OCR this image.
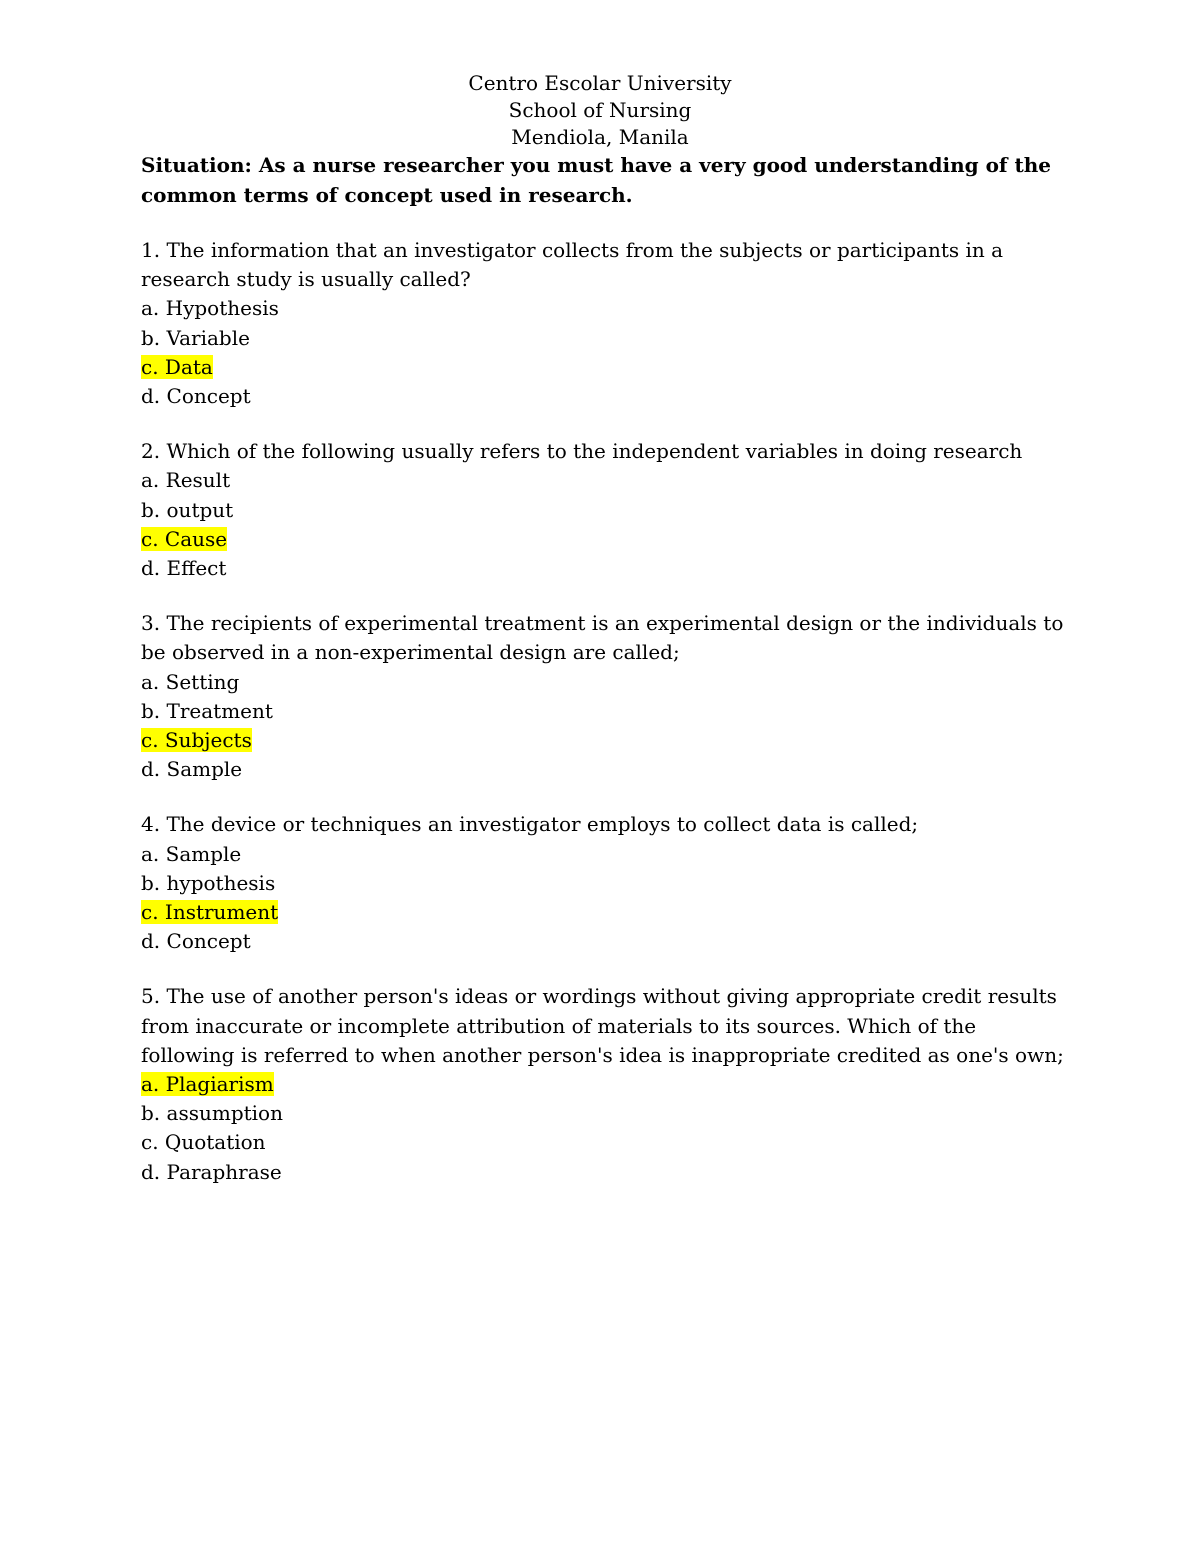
Centro Escolar University
School of Nursing
Mendiola, Manila
Situation: As a nurse researcher you must have a very good understanding of the common terms of concept used in research.
1. The information that an investigator collects from the subjects or participants in a research study is usually called?
a. Hypothesis
b. Variable
c. Data
d. Concept
2. Which of the following usually refers to the independent variables in doing research
a. Result
b. output
c. Cause
d. Effect
3. The recipients of experimental treatment is an experimental design or the individuals to be observed in a non-experimental design are called;
a. Setting
b. Treatment
c. Subjects
d. Sample
4. The device or techniques an investigator employs to collect data is called;
a. Sample
b. hypothesis
c. Instrument
d. Concept
5. The use of another person's ideas or wordings without giving appropriate credit results from inaccurate or incomplete attribution of materials to its sources. Which of the following is referred to when another person's idea is inappropriate credited as one's own;
a. Plagiarism
b. assumption
c. Quotation
d. Paraphrase
